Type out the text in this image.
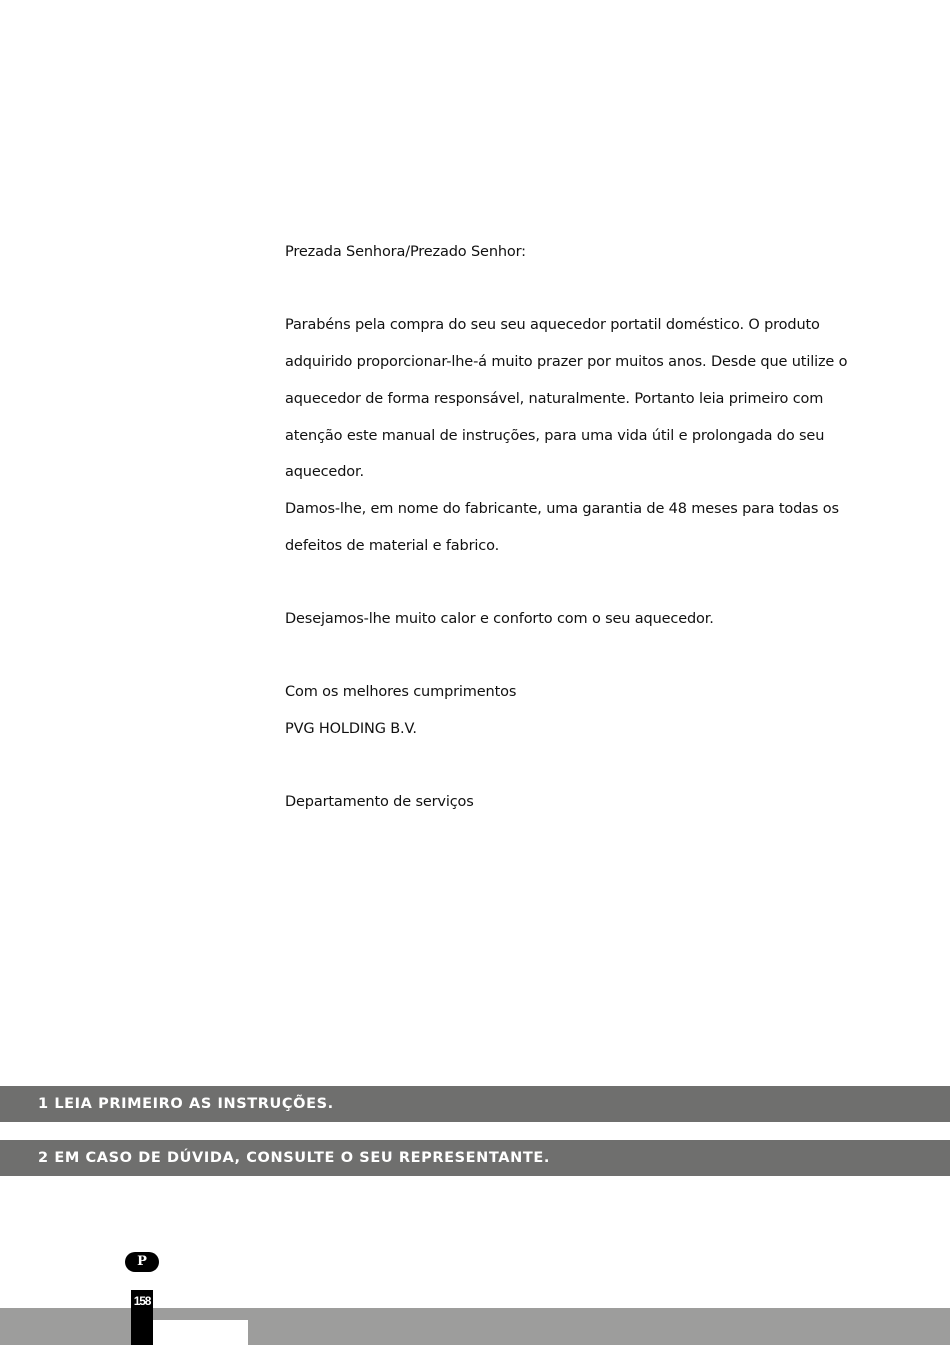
Prezada Senhora/Prezado Senhor:

Parabéns pela compra do seu seu aquecedor portatil doméstico. O produto

adquirido proporcionar-lhe-á muito prazer por muitos anos. Desde que utilize o

aquecedor de forma responsável, naturalmente. Portanto leia primeiro com

atenção este manual de instruções, para uma vida útil e prolongada do seu

aquecedor.

Damos-lhe, em nome do fabricante, uma garantia de 48 meses para todas os

defeitos de material e fabrico.

Desejamos-lhe muito calor e conforto com o seu aquecedor.

Com os melhores cumprimentos

PVG HOLDING B.V.

Departamento de serviços

1 LEIA PRIMEIRO AS INSTRUÇÕES.
2 EM CASO DE DÚVIDA, CONSULTE O SEU REPRESENTANTE.
P
158
